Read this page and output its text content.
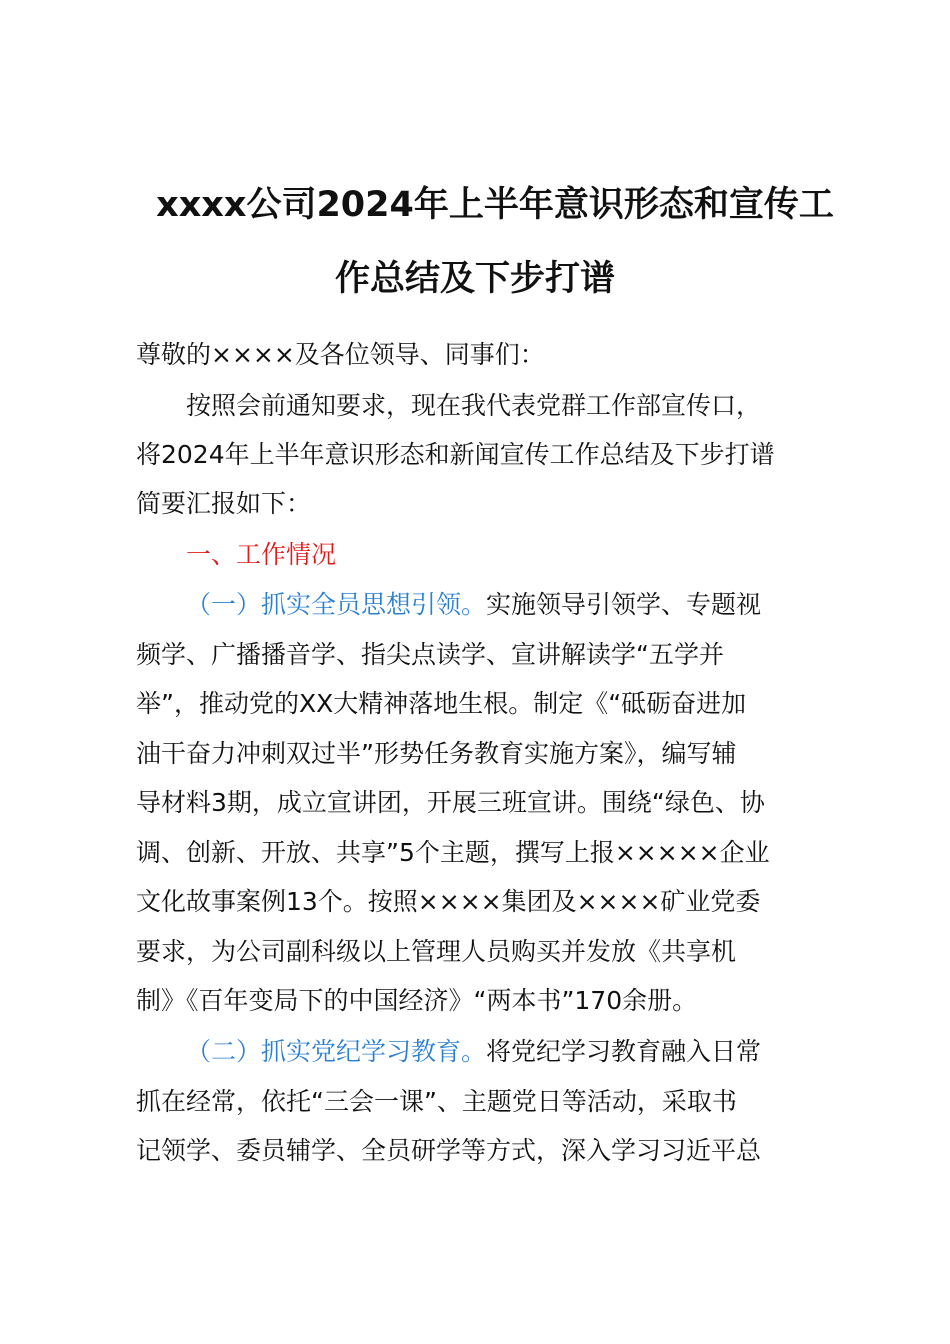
xxxx公司2024年上半年意识形态和宣传工
作总结及下步打谱
尊敬的××××及各位领导、同事们：
按照会前通知要求，现在我代表党群工作部宣传口，
将2024年上半年意识形态和新闻宣传工作总结及下步打谱
简要汇报如下：
一、工作情况
（一）抓实全员思想引领。实施领导引领学、专题视
频学、广播播音学、指尖点读学、宣讲解读学“五学并
举”，推动党的XX大精神落地生根。制定《“砥砺奋进加
油干奋力冲刺双过半”形势任务教育实施方案》，编写辅
导材料3期，成立宣讲团，开展三班宣讲。围绕“绿色、协
调、创新、开放、共享”5个主题，撰写上报×××××企业
文化故事案例13个。按照××××集团及××××矿业党委
要求，为公司副科级以上管理人员购买并发放《共享机
制》《百年变局下的中国经济》“两本书”170余册。
（二）抓实党纪学习教育。将党纪学习教育融入日常
抓在经常，依托“三会一课”、主题党日等活动，采取书
记领学、委员辅学、全员研学等方式，深入学习习近平总
